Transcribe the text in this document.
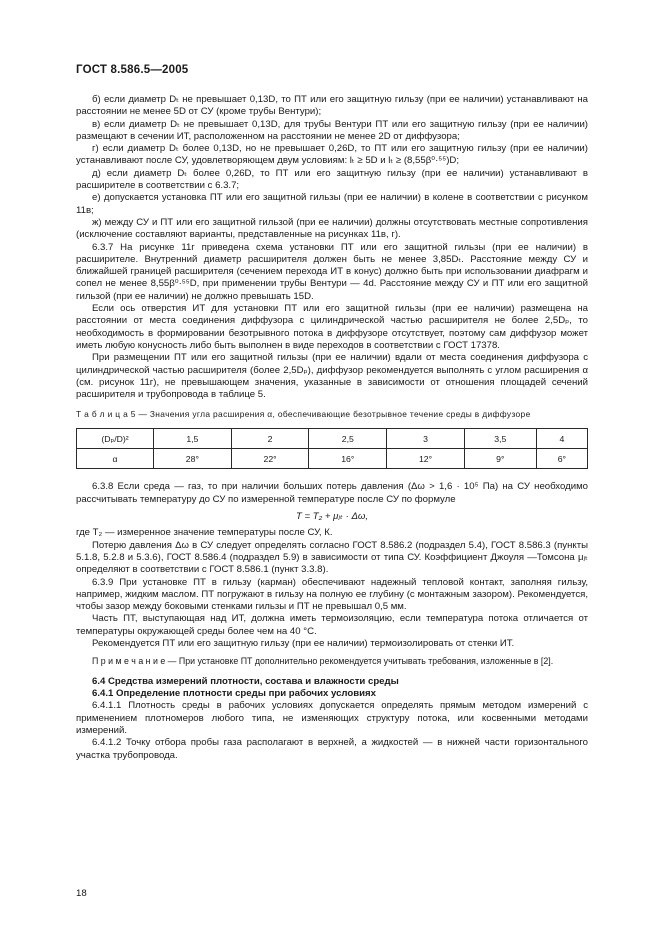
ГОСТ 8.586.5—2005

б) если диаметр Dₜ не превышает 0,13D, то ПТ или его защитную гильзу (при ее наличии) устанавливают на расстоянии не менее 5D от СУ (кроме трубы Вентури);

в) если диаметр Dₜ не превышает 0,13D, для трубы Вентури ПТ или его защитную гильзу (при ее наличии) размещают в сечении ИТ, расположенном на расстоянии не менее 2D от диффузора;

г) если диаметр Dₜ более 0,13D, но не превышает 0,26D, то ПТ или его защитную гильзу (при ее наличии) устанавливают после СУ, удовлетворяющем двум условиям: lₜ ≥ 5D и lₜ ≥ (8,55β⁰·⁵⁵)D;

д) если диаметр Dₜ более 0,26D, то ПТ или его защитную гильзу (при ее наличии) устанавливают в расширителе в соответствии с 6.3.7;

е) допускается установка ПТ или его защитной гильзы (при ее наличии) в колене в соответствии с рисунком 11в;

ж) между СУ и ПТ или его защитной гильзой (при ее наличии) должны отсутствовать местные сопротивления (исключение составляют варианты, представленные на рисунках 11в, г).

6.3.7 На рисунке 11г приведена схема установки ПТ или его защитной гильзы (при ее наличии) в расширителе. Внутренний диаметр расширителя должен быть не менее 3,85Dₜ. Расстояние между СУ и ближайшей границей расширителя (сечением перехода ИТ в конус) должно быть при использовании диафрагм и сопел не менее 8,55β⁰·⁵⁵D, при применении трубы Вентури — 4d. Расстояние между СУ и ПТ или его защитной гильзой (при ее наличии) не должно превышать 15D.

Если ось отверстия ИТ для установки ПТ или его защитной гильзы (при ее наличии) размещена на расстоянии от места соединения диффузора с цилиндрической частью расширителя не более 2,5Dₚ, то необходимость в формировании безотрывного потока в диффузоре отсутствует, поэтому сам диффузор может иметь любую конусность либо быть выполнен в виде переходов в соответствии с ГОСТ 17378.

При размещении ПТ или его защитной гильзы (при ее наличии) вдали от места соединения диффузора с цилиндрической частью расширителя (более 2,5Dₚ), диффузор рекомендуется выполнять с углом расширения α (см. рисунок 11г), не превышающем значения, указанные в зависимости от отношения площадей сечений расширителя и трубопровода в таблице 5.

Т а б л и ц а 5 — Значения угла расширения α, обеспечивающие безотрывное течение среды в диффузоре

(Dₚ/D)²	1,5	2	2,5	3	3,5	4
α	28°	22°	16°	12°	9°	6°

6.3.8 Если среда — газ, то при наличии больших потерь давления (Δω > 1,6 · 10⁵ Па) на СУ необходимо рассчитывать температуру до СУ по измеренной температуре после СУ по формуле

T = T₂ + μⱼₜ · Δω,

где T₂ — измеренное значение температуры после СУ, К.

Потерю давления Δω в СУ следует определять согласно ГОСТ 8.586.2 (подраздел 5.4), ГОСТ 8.586.3 (пункты 5.1.8, 5.2.8 и 5.3.6), ГОСТ 8.586.4 (подраздел 5.9) в зависимости от типа СУ. Коэффициент Джоуля —Томсона μⱼₜ определяют в соответствии с ГОСТ 8.586.1 (пункт 3.3.8).

6.3.9 При установке ПТ в гильзу (карман) обеспечивают надежный тепловой контакт, заполняя гильзу, например, жидким маслом. ПТ погружают в гильзу на полную ее глубину (с монтажным зазором). Рекомендуется, чтобы зазор между боковыми стенками гильзы и ПТ не превышал 0,5 мм.

Часть ПТ, выступающая над ИТ, должна иметь термоизоляцию, если температура потока отличается от температуры окружающей среды более чем на 40 °С.

Рекомендуется ПТ или его защитную гильзу (при ее наличии) термоизолировать от стенки ИТ.

П р и м е ч а н и е — При установке ПТ дополнительно рекомендуется учитывать требования, изложенные в [2].

6.4 Средства измерений плотности, состава и влажности среды

6.4.1 Определение плотности среды при рабочих условиях

6.4.1.1 Плотность среды в рабочих условиях допускается определять прямым методом измерений с применением плотномеров любого типа, не изменяющих структуру потока, или косвенными методами измерений.

6.4.1.2 Точку отбора пробы газа располагают в верхней, а жидкостей — в нижней части горизонтального участка трубопровода.

18
